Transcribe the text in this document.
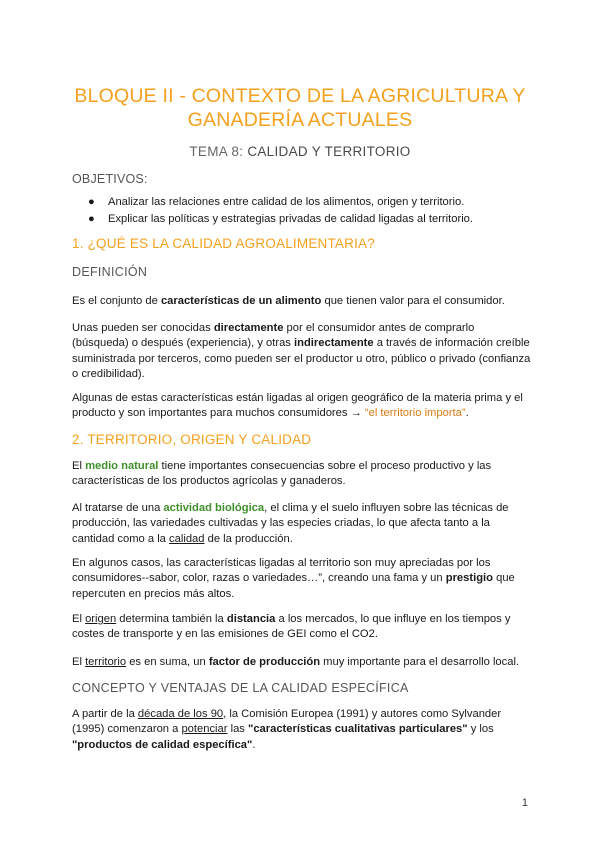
BLOQUE II - CONTEXTO DE LA AGRICULTURA Y
GANADERÍA ACTUALES

TEMA 8: CALIDAD Y TERRITORIO

OBJETIVOS:

● Analizar las relaciones entre calidad de los alimentos, origen y territorio.
● Explicar las políticas y estrategias privadas de calidad ligadas al territorio.
1. ¿QUÉ ES LA CALIDAD AGROALIMENTARIA?
DEFINICIÓN

Es el conjunto de características de un alimento que tienen valor para el consumidor.

Unas pueden ser conocidas directamente por el consumidor antes de comprarlo (búsqueda) o después (experiencia), y otras indirectamente a través de información creíble suministrada por terceros, como pueden ser el productor u otro, público o privado (confianza o credibilidad).

Algunas de estas características están ligadas al origen geográfico de la materia prima y el producto y son importantes para muchos consumidores → “el territorio importa”.

2. TERRITORIO, ORIGEN Y CALIDAD

El medio natural tiene importantes consecuencias sobre el proceso productivo y las características de los productos agrícolas y ganaderos.

Al tratarse de una actividad biológica, el clima y el suelo influyen sobre las técnicas de producción, las variedades cultivadas y las especies criadas, lo que afecta tanto a la cantidad como a la calidad de la producción.

En algunos casos, las características ligadas al territorio son muy apreciadas por los consumidores--sabor, color, razas o variedades…”, creando una fama y un prestigio que repercuten en precios más altos.

El origen determina también la distancia a los mercados, lo que influye en los tiempos y costes de transporte y en las emisiones de GEI como el CO2.

El territorio es en suma, un factor de producción muy importante para el desarrollo local.

CONCEPTO Y VENTAJAS DE LA CALIDAD ESPECÍFICA

A partir de la década de los 90, la Comisión Europea (1991) y autores como Sylvander (1995) comenzaron a potenciar las "características cualitativas particulares" y los "productos de calidad específica".

1
